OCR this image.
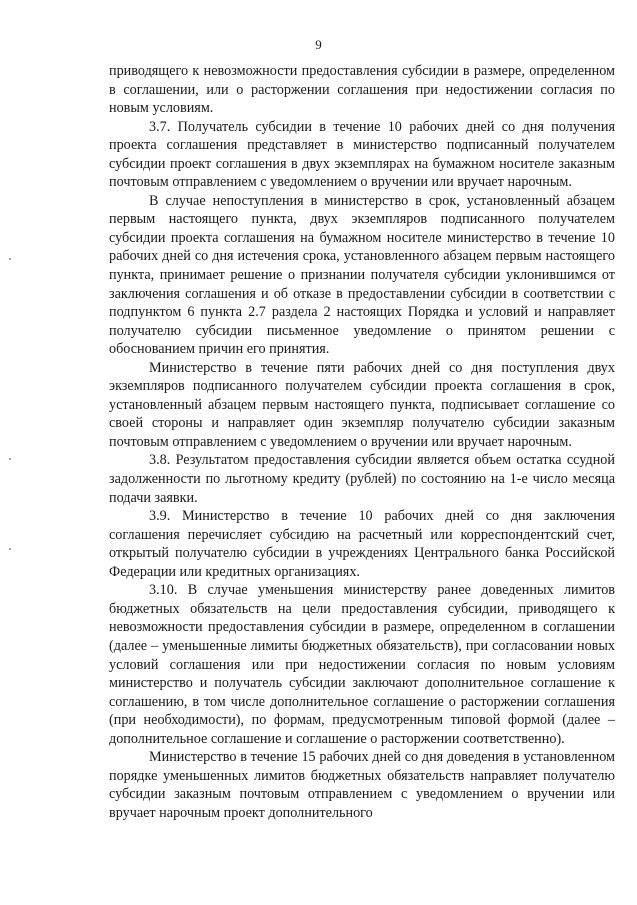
9

приводящего к невозможности предоставления субсидии в размере, определенном в соглашении, или о расторжении соглашения при недостижении согласия по новым условиям.

3.7. Получатель субсидии в течение 10 рабочих дней со дня получения проекта соглашения представляет в министерство подписанный получателем субсидии проект соглашения в двух экземплярах на бумажном носителе заказным почтовым отправлением с уведомлением о вручении или вручает нарочным.

В случае непоступления в министерство в срок, установленный абзацем первым настоящего пункта, двух экземпляров подписанного получателем субсидии проекта соглашения на бумажном носителе министерство в течение 10 рабочих дней со дня истечения срока, установленного абзацем первым настоящего пункта, принимает решение о признании получателя субсидии уклонившимся от заключения соглашения и об отказе в предоставлении субсидии в соответствии с подпунктом 6 пункта 2.7 раздела 2 настоящих Порядка и условий и направляет получателю субсидии письменное уведомление о принятом решении с обоснованием причин его принятия.

Министерство в течение пяти рабочих дней со дня поступления двух экземпляров подписанного получателем субсидии проекта соглашения в срок, установленный абзацем первым настоящего пункта, подписывает соглашение со своей стороны и направляет один экземпляр получателю субсидии заказным почтовым отправлением с уведомлением о вручении или вручает нарочным.

3.8. Результатом предоставления субсидии является объем остатка ссудной задолженности по льготному кредиту (рублей) по состоянию на 1-е число месяца подачи заявки.

3.9. Министерство в течение 10 рабочих дней со дня заключения соглашения перечисляет субсидию на расчетный или корреспондентский счет, открытый получателю субсидии в учреждениях Центрального банка Российской Федерации или кредитных организациях.

3.10. В случае уменьшения министерству ранее доведенных лимитов бюджетных обязательств на цели предоставления субсидии, приводящего к невозможности предоставления субсидии в размере, определенном в соглашении (далее – уменьшенные лимиты бюджетных обязательств), при согласовании новых условий соглашения или при недостижении согласия по новым условиям министерство и получатель субсидии заключают дополнительное соглашение к соглашению, в том числе дополнительное соглашение о расторжении соглашения (при необходимости), по формам, предусмотренным типовой формой (далее – дополнительное соглашение и соглашение о расторжении соответственно).

Министерство в течение 15 рабочих дней со дня доведения в установленном порядке уменьшенных лимитов бюджетных обязательств направляет получателю субсидии заказным почтовым отправлением с уведомлением о вручении или вручает нарочным проект дополнительного
